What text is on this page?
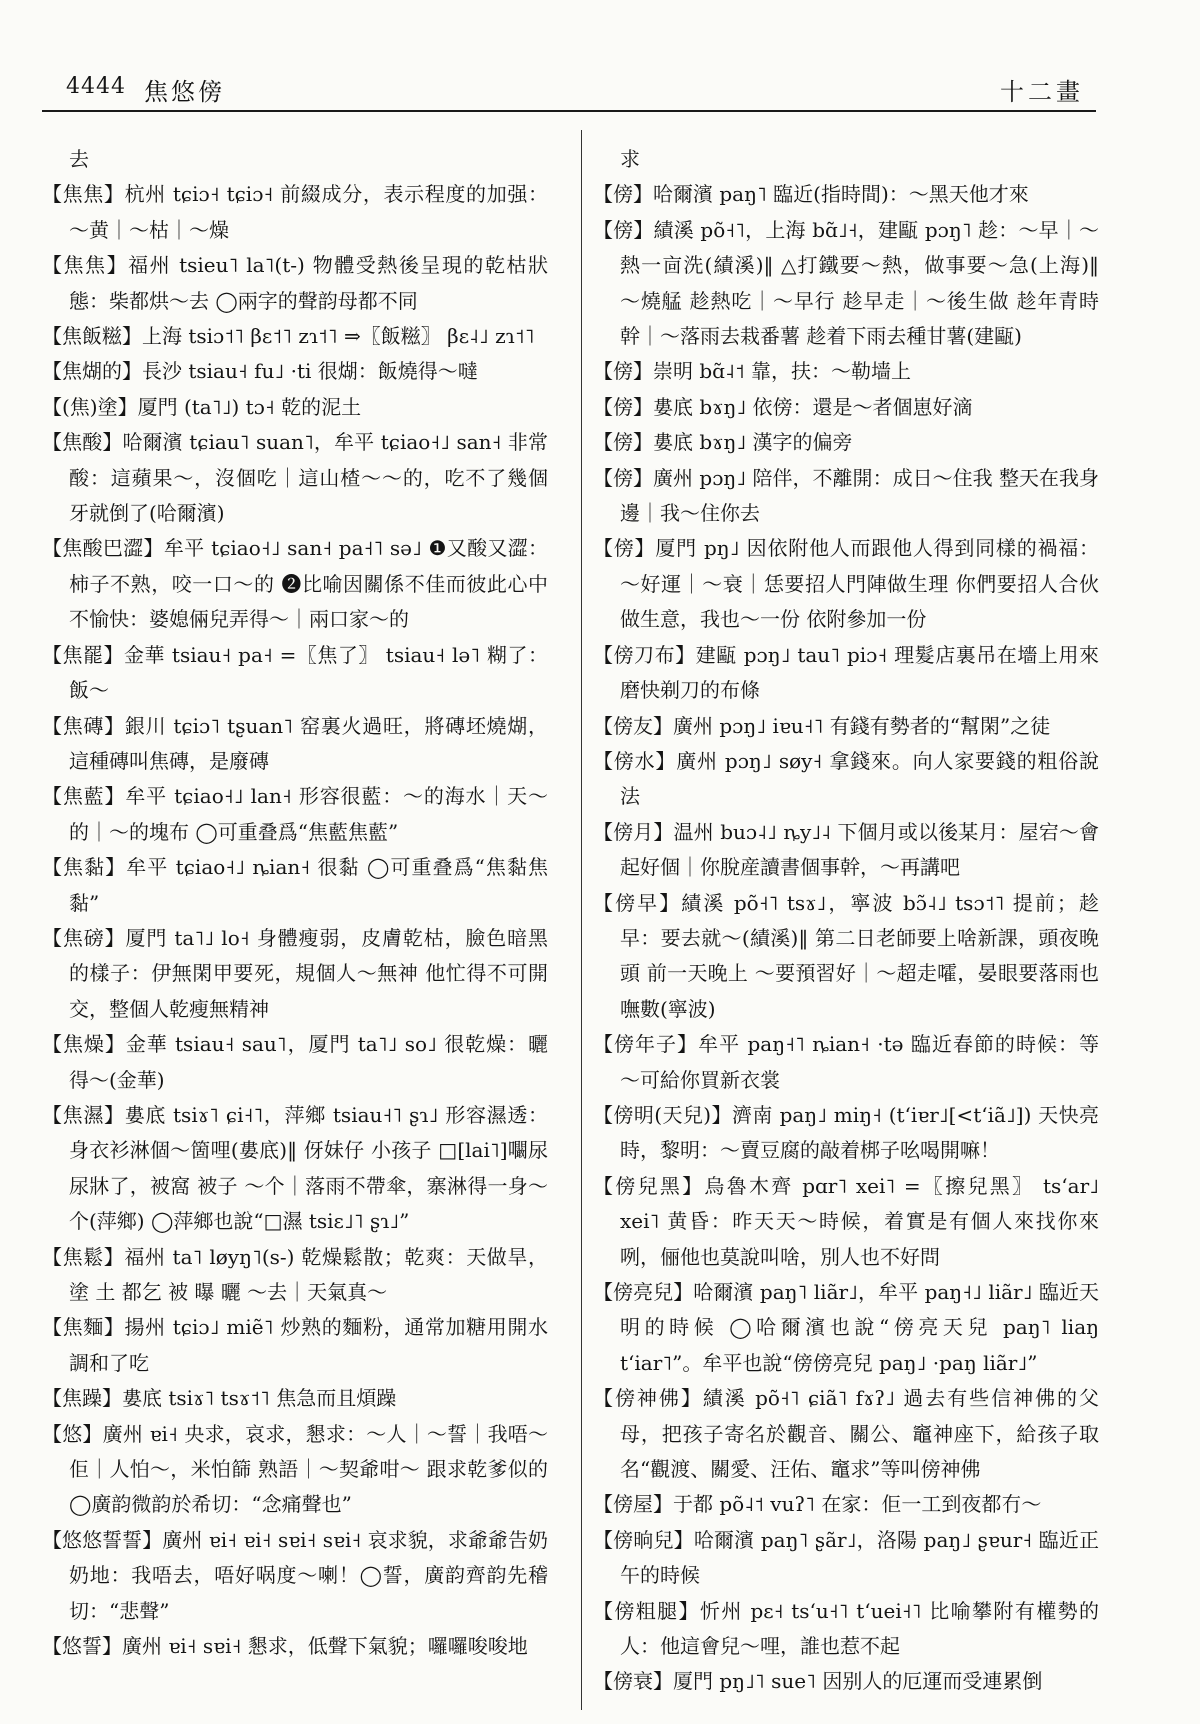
4444 焦悠傍	十二畫

去

【焦焦】杭州 tɕiɔ˧ tɕiɔ˧ 前綴成分，表示程度的加强：～黄｜～枯｜～燥

【焦焦】福州 tsieu˥ la˥(t-) 物體受熱後呈現的乾枯狀態：柴都烘～去 ◯兩字的聲韵母都不同

【焦飯糍】上海 tsiɔ˦˥ βɛ˦˥ zɿ˦˥ ⇒〖飯糍〗 βɛ˨˩ zɿ˦˥

【焦煳的】長沙 tsiau˧ fu˩ ·ti 很煳：飯燒得～噠

【(焦)塗】厦門 (ta˥˩) tɔ˧ 乾的泥土

【焦酸】哈爾濱 tɕiau˥ suan˥，牟平 tɕiao˧˩ san˧ 非常酸：這蘋果～，沒個吃｜這山楂～～的，吃不了幾個牙就倒了(哈爾濱)

【焦酸巴澀】牟平 tɕiao˧˩ san˧ pa˧˥ sə˩ ❶又酸又澀：柿子不熟，咬一口～的 ❷比喻因關係不佳而彼此心中不愉快：婆媳倆兒弄得～｜兩口家～的

【焦罷】金華 tsiau˧ pa˧ =〖焦了〗 tsiau˧ lə˥ 糊了：飯～

【焦磚】銀川 tɕiɔ˥ tʂuan˥ 窑裏火過旺，將磚坯燒煳，這種磚叫焦磚，是廢磚

【焦藍】牟平 tɕiao˧˩ lan˧ 形容很藍：～的海水｜天～的｜～的塊布 ◯可重叠爲“焦藍焦藍”

【焦黏】牟平 tɕiao˧˩ ȵian˧ 很黏 ◯可重叠爲“焦黏焦黏”

【焦磅】厦門 ta˥˩ lo˧ 身體瘦弱，皮膚乾枯，臉色暗黑的樣子：伊無閑甲要死，規個人～無神 他忙得不可開交，整個人乾瘦無精神

【焦燥】金華 tsiau˧ sau˥，厦門 ta˥˩ so˩ 很乾燥：曬得～(金華)

【焦濕】婁底 tsiɤ˥ ɕi˧˥，萍鄉 tsiau˧˥ ʂɿ˩ 形容濕透：身衣衫淋個～箇哩(婁底)‖ 伢妹仔 小孩子 □[lai˥]㘚尿 尿牀了，被窩 被子 ～个｜落雨不帶傘，寨淋得一身～个(萍鄉) ◯萍鄉也說“□濕 tsiɛ˩˥ ʂɿ˩”

【焦鬆】福州 ta˥ løyŋ˥(s-) 乾燥鬆散；乾爽：天做旱，塗 土 都乞 被 曝 曬 ～去｜天氣真～

【焦麵】揚州 tɕiɔ˩ miẽ˥ 炒熟的麵粉，通常加糖用開水調和了吃

【焦躁】婁底 tsiɤ˥ tsɤ˦˥ 焦急而且煩躁

【悠】廣州 ɐi˧ 央求，哀求，懇求：～人｜～誓｜我唔～佢｜人怕～，米怕篩 熟語｜～契爺咁～ 跟求乾爹似的 ◯廣韵微韵於希切：“念痛聲也”

【悠悠誓誓】廣州 ɐi˧ ɐi˧ sɐi˧ sɐi˧ 哀求貌，求爺爺告奶奶地：我唔去，唔好㖞度～喇！◯誓，廣韵齊韵先稽切：“悲聲”

【悠誓】廣州 ɐi˧ sɐi˧ 懇求，低聲下氣貌；囉囉唆唆地

求

【傍】哈爾濱 paŋ˥ 臨近(指時間)：～黑天他才來

【傍】績溪 põ˧˥，上海 bɑ̃˩˧，建甌 pɔŋ˥ 趁：～早｜～熱一㐭洗(績溪)‖ △打鐵要～熱，做事要～急(上海)‖ ～燒艋 趁熱吃｜～早行 趁早走｜～後生做 趁年青時幹｜～落雨去栽番薯 趁着下雨去種甘薯(建甌)

【傍】崇明 bɑ̃˨˦ 靠，扶：～勒墙上

【傍】婁底 bɤŋ˩ 依傍：還是～者個崽好滴

【傍】婁底 bɤŋ˩ 漢字的偏旁

【傍】廣州 pɔŋ˩ 陪伴，不離開：成日～住我 整天在我身邊｜我～住你去

【傍】厦門 pŋ˩ 因依附他人而跟他人得到同樣的禍福：～好運｜～衰｜恁要招人門陣做生理 你們要招人合伙做生意，我也～一份 依附參加一份

【傍刀布】建甌 pɔŋ˩ tau˥ piɔ˧ 理髮店裏吊在墻上用來磨快剃刀的布條

【傍友】廣州 pɔŋ˩ iɐu˧˥ 有錢有勢者的“幫閑”之徒

【傍水】廣州 pɔŋ˩ søy˧ 拿錢來。向人家要錢的粗俗說法

【傍月】温州 buɔ˨˩ ȵy˩˨ 下個月或以後某月：屋宕～會起好個｜你脫産讀書個事幹，～再講吧

【傍早】績溪 põ˧˥ tsɤ˩，寧波 bɔ̃˨˩ tsɔ˦˥ 提前；趁早：要去就～(績溪)‖ 第二日老師要上啥新課，頭夜晚頭 前一天晚上 ～要預習好｜～超走嚯，晏眼要落雨也嘸數(寧波)

【傍年子】牟平 paŋ˧˥ ȵian˧ ·tə 臨近春節的時候：等～可給你買新衣裳

【傍明(天兒)】濟南 paŋ˩ miŋ˧ (tʻiɐr˩[<tʻiã˩]) 天快亮時，黎明：～賣豆腐的敲着梆子吆喝開嘛！

【傍兒黑】烏魯木齊 pɑr˥ xei˥ =〖擦兒黑〗 tsʻar˩ xei˥ 黄昏：昨天天～時候，着實是有個人來找你來咧，俪他也莫說叫啥，別人也不好問

【傍亮兒】哈爾濱 paŋ˥ liãr˩，牟平 paŋ˧˩ liãr˩ 臨近天明的時候 ◯哈爾濱也說“傍亮天兒 paŋ˥ liaŋ tʻiar˥”。牟平也說“傍傍亮兒 paŋ˩ ·paŋ liãr˩”

【傍神佛】績溪 põ˧˥ ɕiã˥ fɤʔ˩ 過去有些信神佛的父母，把孩子寄名於觀音、關公、竈神座下，給孩子取名“觀渡、關愛、汪佑、竈求”等叫傍神佛

【傍屋】于都 põ˨˦ vuʔ˥ 在家：佢一工到夜都冇～

【傍晌兒】哈爾濱 paŋ˥ ʂãr˩，洛陽 paŋ˩ ʂɐur˧ 臨近正午的時候

【傍粗腿】忻州 pɛ˧ tsʻu˧˥ tʻuei˧˥ 比喻攀附有權勢的人：他這會兒～哩，誰也惹不起

【傍衰】厦門 pŋ˩˥ sue˥ 因别人的厄運而受連累倒
